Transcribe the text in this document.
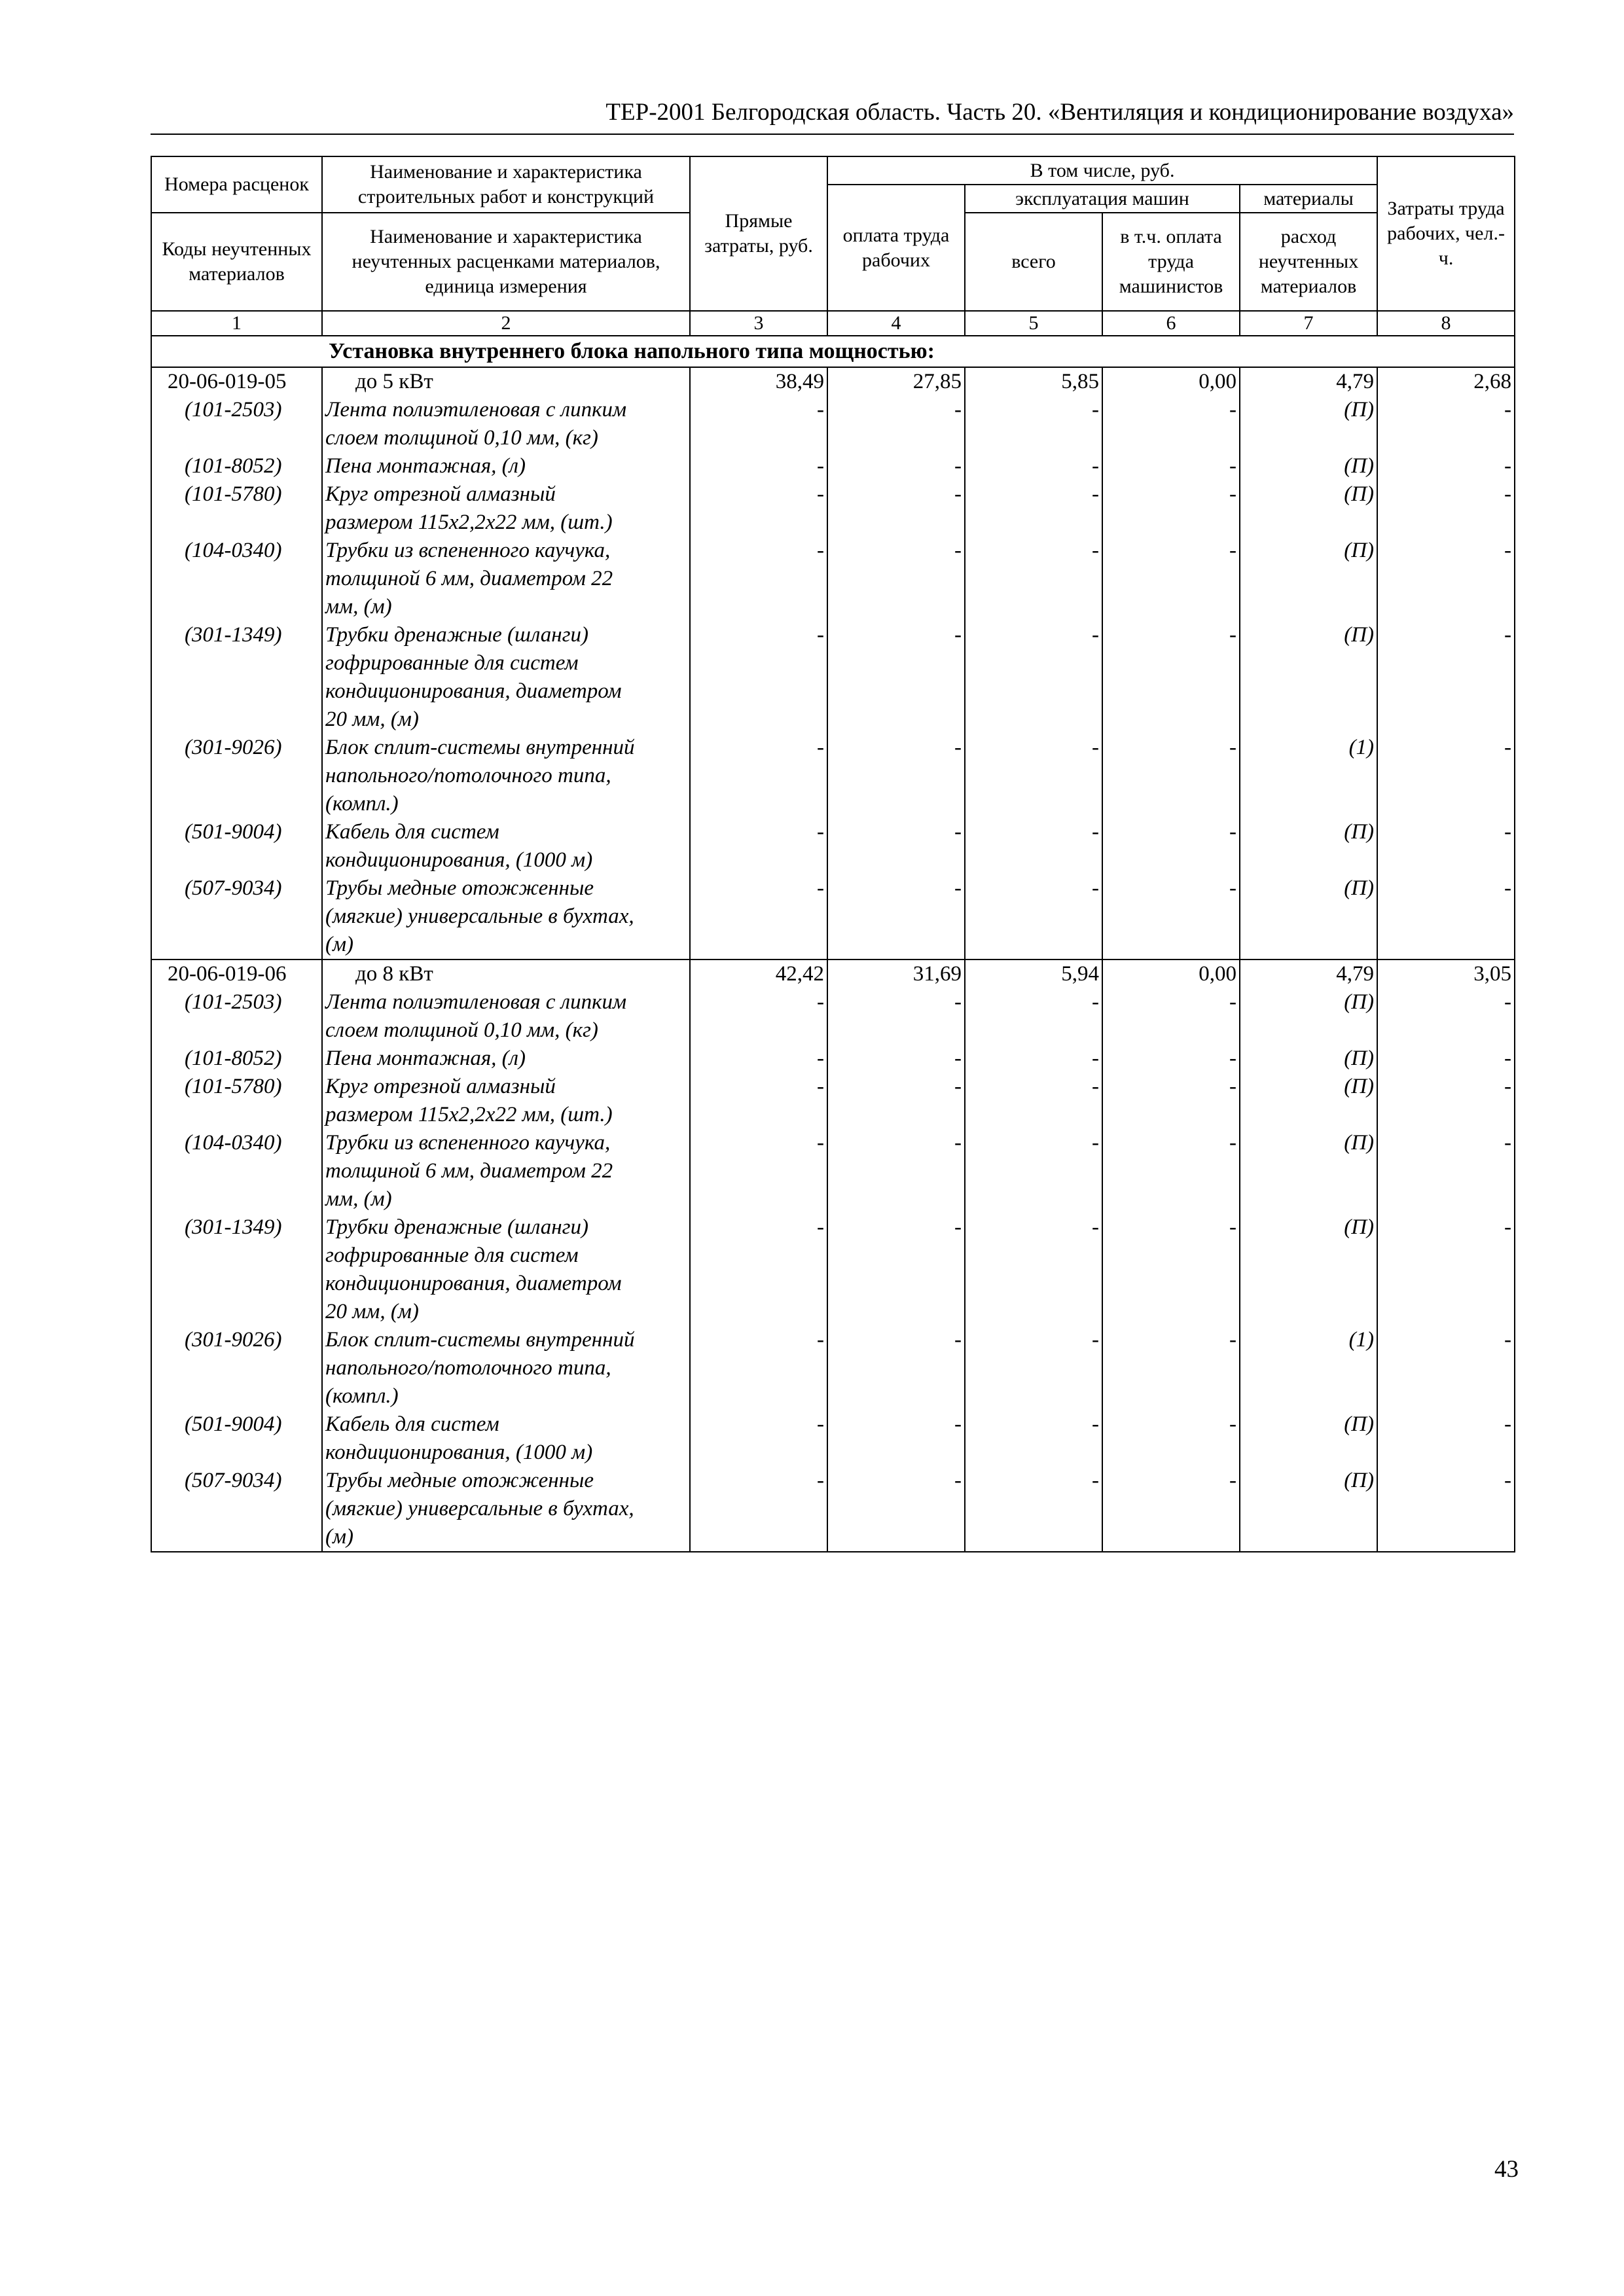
ТЕР-2001 Белгородская область. Часть 20. «Вентиляция и кондиционирование воздуха»
Номера расценок	Наименование и характеристика строительных работ и конструкций	Прямые затраты, руб.	В том числе, руб.				Затраты труда рабочих, чел.-ч.
			оплата труда рабочих	эксплуатация машин		материалы	
Коды неучтенных материалов	Наименование и характеристика неучтенных расценками материалов, единица измерения			всего	в т.ч. оплата труда машинистов	расход неучтенных материалов	

1	2	3	4	5	6	7	8
Установка внутреннего блока напольного типа мощностью:							
20-06-019-05	до 5 кВт	38,49	27,85	5,85	0,00	4,79	2,68
(101-2503)	Лента полиэтиленовая с липким
слоем толщиной 0,10 мм, (кг)	-	-	-	-	(П)	-
(101-8052)	Пена монтажная, (л)	-	-	-	-	(П)	-
(101-5780)	Круг отрезной алмазный
размером 115x2,2x22 мм, (шт.)	-	-	-	-	(П)	-
(104-0340)	Трубки из вспененного каучука,
толщиной 6 мм, диаметром 22
мм, (м)	-	-	-	-	(П)	-
(301-1349)	Трубки дренажные (шланги)
гофрированные для систем
кондиционирования, диаметром
20 мм, (м)	-	-	-	-	(П)	-
(301-9026)	Блок сплит-системы внутренний
напольного/потолочного типа,
(компл.)	-	-	-	-	(1)	-
(501-9004)	Кабель для систем
кондиционирования, (1000 м)	-	-	-	-	(П)	-
(507-9034)	Трубы медные отожженные
(мягкие) универсальные в бухтах,
(м)	-	-	-	-	(П)	-
20-06-019-06	до 8 кВт	42,42	31,69	5,94	0,00	4,79	3,05
(101-2503)	Лента полиэтиленовая с липким
слоем толщиной 0,10 мм, (кг)	-	-	-	-	(П)	-
(101-8052)	Пена монтажная, (л)	-	-	-	-	(П)	-
(101-5780)	Круг отрезной алмазный
размером 115x2,2x22 мм, (шт.)	-	-	-	-	(П)	-
(104-0340)	Трубки из вспененного каучука,
толщиной 6 мм, диаметром 22
мм, (м)	-	-	-	-	(П)	-
(301-1349)	Трубки дренажные (шланги)
гофрированные для систем
кондиционирования, диаметром
20 мм, (м)	-	-	-	-	(П)	-
(301-9026)	Блок сплит-системы внутренний
напольного/потолочного типа,
(компл.)	-	-	-	-	(1)	-
(501-9004)	Кабель для систем
кондиционирования, (1000 м)	-	-	-	-	(П)	-
(507-9034)	Трубы медные отожженные
(мягкие) универсальные в бухтах,
(м)	-	-	-	-	(П)	-
43
